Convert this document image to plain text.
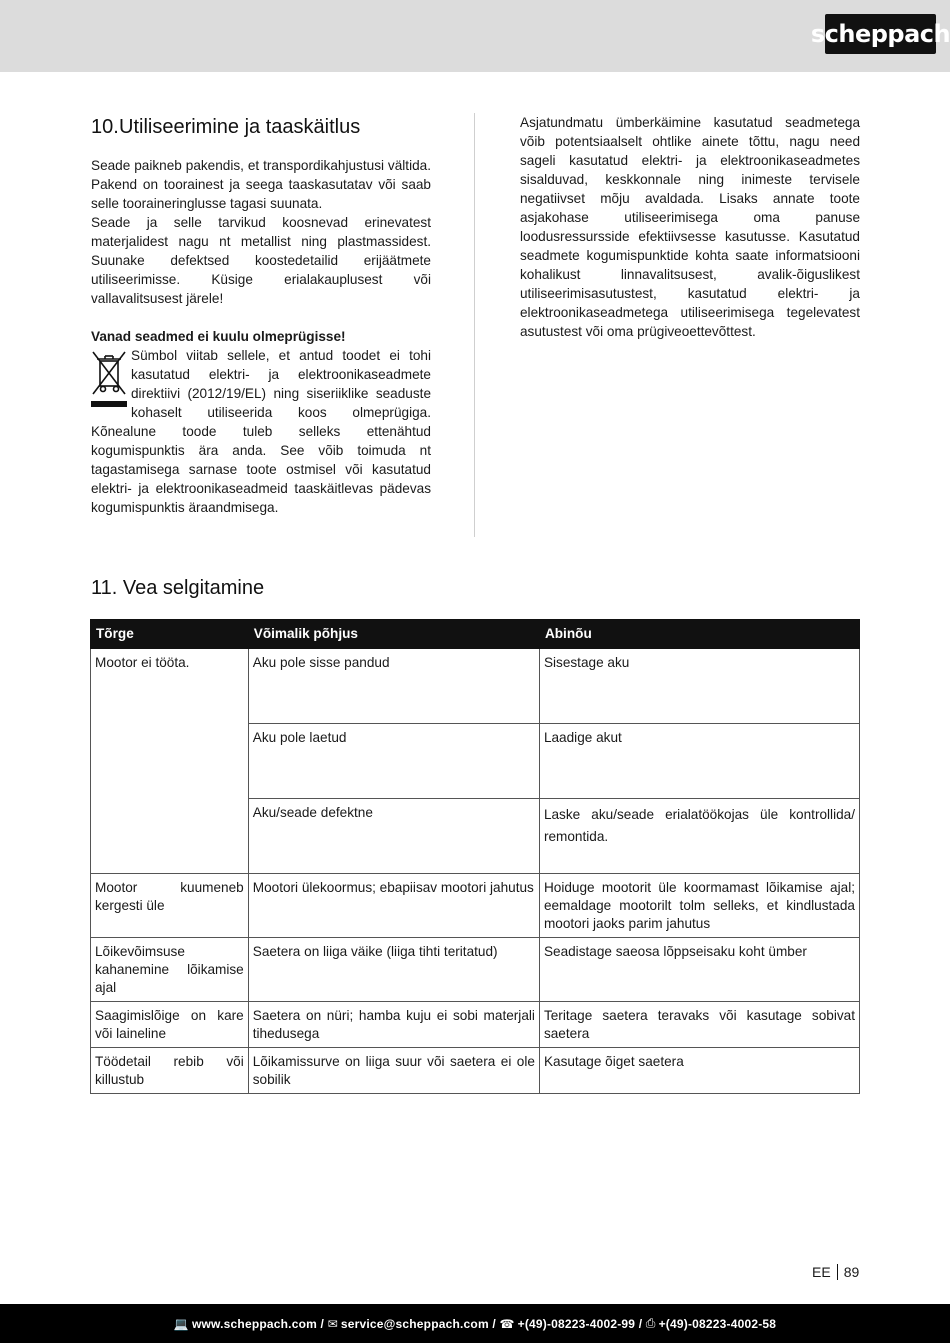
scheppach
10.Utiliseerimine ja taaskäitlus

Seade paikneb pakendis, et transpordikahjustusi vältida. Pakend on toorainest ja seega taaskasutatav või saab selle tooraineringlusse tagasi suunata.

Seade ja selle tarvikud koosnevad erinevatest materjalidest nagu nt metallist ning plastmassidest. Suunake defektsed koostedetailid erijäätmete utiliseerimisse. Küsige erialakauplusest või vallavalitsusest järele!

Vanad seadmed ei kuulu olmeprügisse!

Sümbol viitab sellele, et antud toodet ei tohi kasutatud elektri- ja elektroonikaseadmete direktiivi (2012/19/EL) ning siseriiklike seaduste kohaselt utiliseerida koos olmeprügiga. Kõnealune toode tuleb selleks ettenähtud kogumispunktis ära anda. See võib toimuda nt tagastamisega sarnase toote ostmisel või kasutatud elektri- ja elektroonikaseadmeid taaskäitlevas pädevas kogumispunktis äraandmisega.

Asjatundmatu ümberkäimine kasutatud seadmetega võib potentsiaalselt ohtlike ainete tõttu, nagu need sageli kasutatud elektri- ja elektroonikaseadmetes sisalduvad, keskkonnale ning inimeste tervisele negatiivset mõju avaldada. Lisaks annate toote asjakohase utiliseerimisega oma panuse loodusressursside efektiivsesse kasutusse. Kasutatud seadmete kogumispunktide kohta saate informatsiooni kohalikust linnavalitsusest, avalik-õiguslikest utiliseerimisasutustest, kasutatud elektri- ja elektroonikaseadmetega utiliseerimisega tegelevatest asutustest või oma prügiveoettevõttest.

11. Vea selgitamine
Tõrge	Võimalik põhjus	Abinõu
Mootor ei tööta.	Aku pole sisse pandud	Sisestage aku
	Aku pole laetud	Laadige akut
	Aku/seade defektne	Laske aku/seade erialatöökojas üle kontrollida/ remontida.
Mootor kuumeneb kergesti üle	Mootori ülekoormus; ebapiisav mootori jahutus	Hoiduge mootorit üle koormamast lõikamise ajal; eemaldage mootorilt tolm selleks, et kindlustada mootori jaoks parim jahutus
Lõikevõimsuse kahanemine lõikamise ajal	Saetera on liiga väike (liiga tihti teritatud)	Seadistage saeosa lõppseisaku koht ümber
Saagimislõige on kare või laineline	Saetera on nüri; hamba kuju ei sobi materjali tihedusega	Teritage saetera teravaks või kasutage sobivat saetera
Töödetail rebib või killustub	Lõikamissurve on liiga suur või saetera ei ole sobilik	Kasutage õiget saetera
EE 89
💻 www.scheppach.com / ✉ service@scheppach.com / ☎ +(49)-08223-4002-99 / ⎙ +(49)-08223-4002-58
